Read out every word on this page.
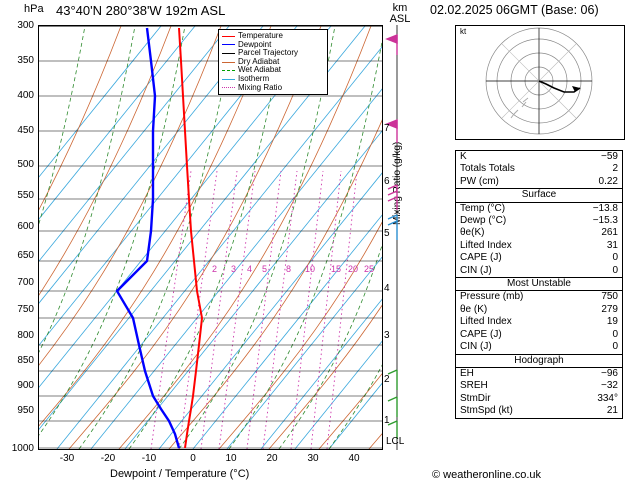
hPa 43°40'N 280°38'W 192m ASL	km
ASL
02.02.2025 06GMT (Base: 06)
300
350
400
450
500
550
600
650
700
750
800
850
900
950
1000
-30	-20	-10	0	10	20	30	40
Dewpoint / Temperature (°C)
2 3 4 5 8 10 15 20 25
Temperature
Dewpoint
Parcel Trajectory
Dry Adiabat
Wet Adiabat
Isotherm
Mixing Ratio
Mixing Ratio (g/kg)
7
6
5
4
3
2
1
LCL
kt
K	−59
Totals Totals	2
PW (cm)	0.22
Surface
Temp (°C)	−13.8
Dewp (°C)	−15.3
θe(K)	261
Lifted Index	31
CAPE (J)	0
CIN (J)	0
Most Unstable
Pressure (mb)	750
θe (K)	279
Lifted Index	19
CAPE (J)	0
CIN (J)	0
Hodograph
EH	−96
SREH	−32
StmDir	334°
StmSpd (kt)	21
© weatheronline.co.uk
